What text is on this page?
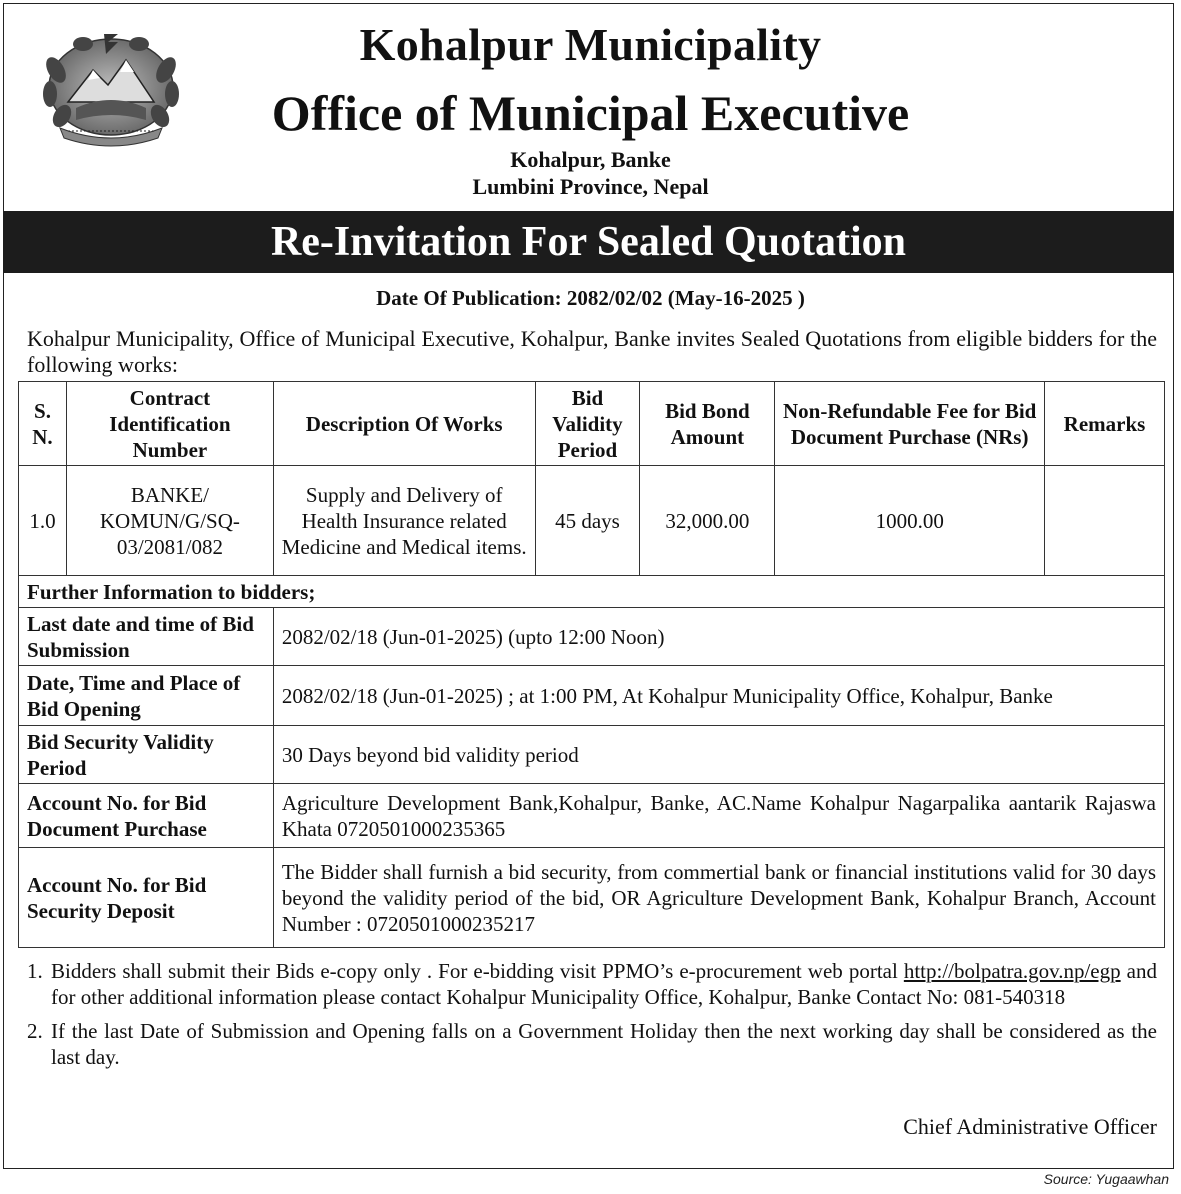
​
Kohalpur Municipality
Office of Municipal Executive
Kohalpur, Banke
Lumbini Province, Nepal
Re-Invitation For Sealed Quotation
Date Of Publication: 2082/02/02 (May-16-2025 )
Kohalpur Municipality, Office of Municipal Executive, Kohalpur, Banke invites Sealed Quotations from eligible bidders for the following works:
S. N.	Contract Identification Number	Description Of Works	Bid Validity Period	Bid Bond Amount	Non-Refundable Fee for Bid Document Purchase (NRs)	Remarks
1.0	BANKE/ KOMUN/G/SQ-03/2081/082	Supply and Delivery of Health Insurance related Medicine and Medical items.	45 days	32,000.00	1000.00	
Further Information to bidders;						
Last date and time of Bid Submission		2082/02/18 (Jun-01-2025) (upto 12:00 Noon)				
Date, Time and Place of Bid Opening		2082/02/18 (Jun-01-2025) ; at 1:00 PM, At Kohalpur Municipality Office, Kohalpur, Banke				
Bid Security Validity Period		30 Days beyond bid validity period				
Account No. for Bid Document Purchase		Agriculture Development Bank,Kohalpur, Banke, AC.Name Kohalpur Nagarpalika aantarik Rajaswa Khata 0720501000235365				
Account No. for Bid Security Deposit		The Bidder shall furnish a bid security, from commertial bank or financial institutions valid for 30 days beyond the validity period of the bid, OR Agriculture Development Bank, Kohalpur Branch, Account Number : 0720501000235217				
1. Bidders shall submit their Bids e-copy only . For e-bidding visit PPMO’s e-procurement web portal http://bolpatra.gov.np/egp and for other additional information please contact Kohalpur Municipality Office, Kohalpur, Banke Contact No: 081-540318
2. If the last Date of Submission and Opening falls on a Government Holiday then the next working day shall be considered as the last day.
Chief Administrative Officer
Source: Yugaawhan
